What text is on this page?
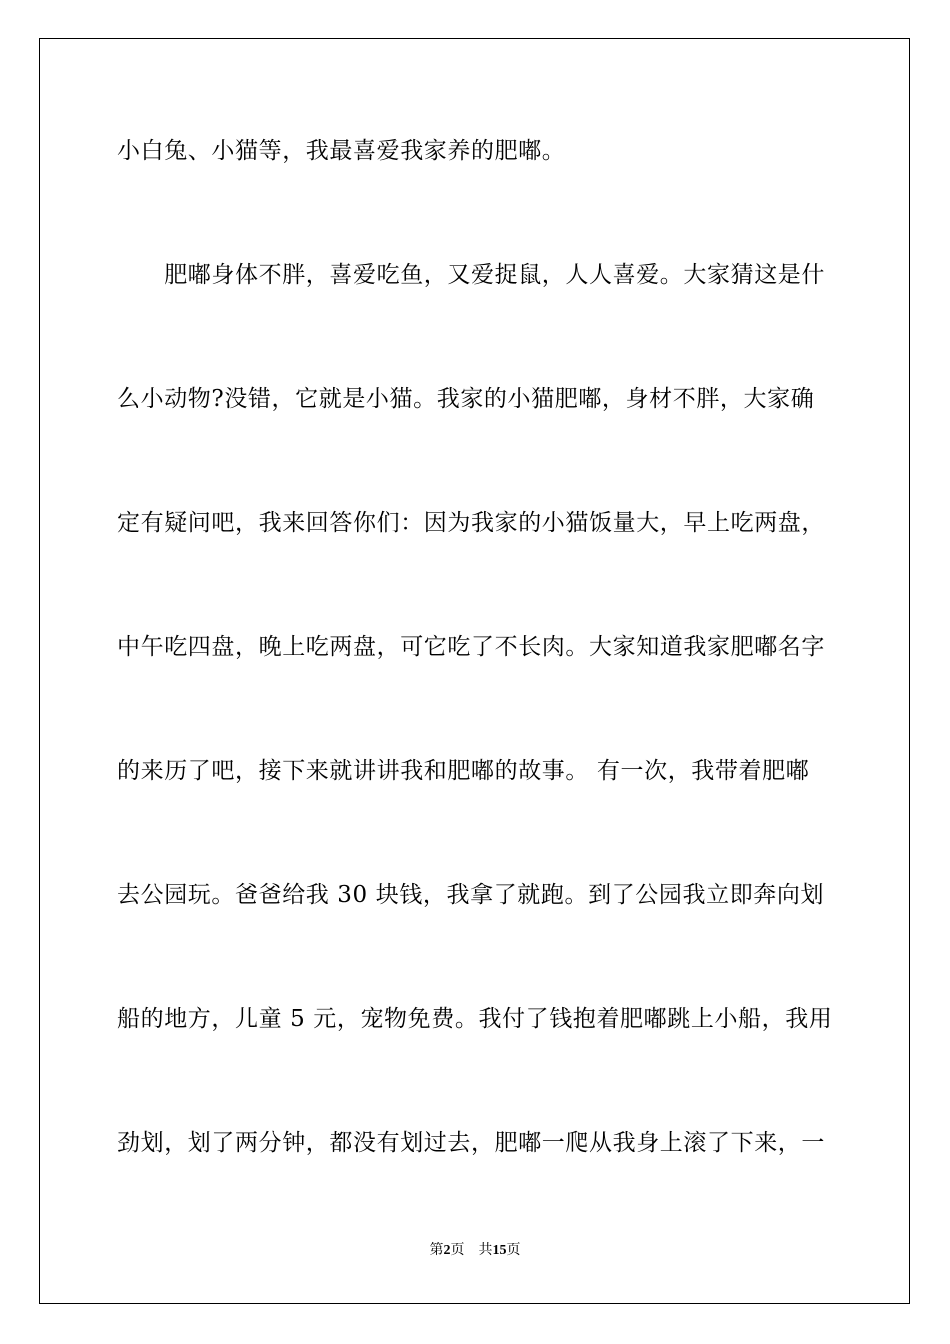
小白兔、小猫等，我最喜爱我家养的肥嘟。

　　肥嘟身体不胖，喜爱吃鱼，又爱捉鼠，人人喜爱。大家猜这是什

么小动物?没错，它就是小猫。我家的小猫肥嘟，身材不胖，大家确

定有疑问吧，我来回答你们：因为我家的小猫饭量大，早上吃两盘，

中午吃四盘，晚上吃两盘，可它吃了不长肉。大家知道我家肥嘟名字

的来历了吧，接下来就讲讲我和肥嘟的故事。 有一次，我带着肥嘟

去公园玩。爸爸给我 30 块钱，我拿了就跑。到了公园我立即奔向划

船的地方，儿童 5 元，宠物免费。我付了钱抱着肥嘟跳上小船，我用

劲划，划了两分钟，都没有划过去，肥嘟一爬从我身上滚了下来，一

第2页 共15页
